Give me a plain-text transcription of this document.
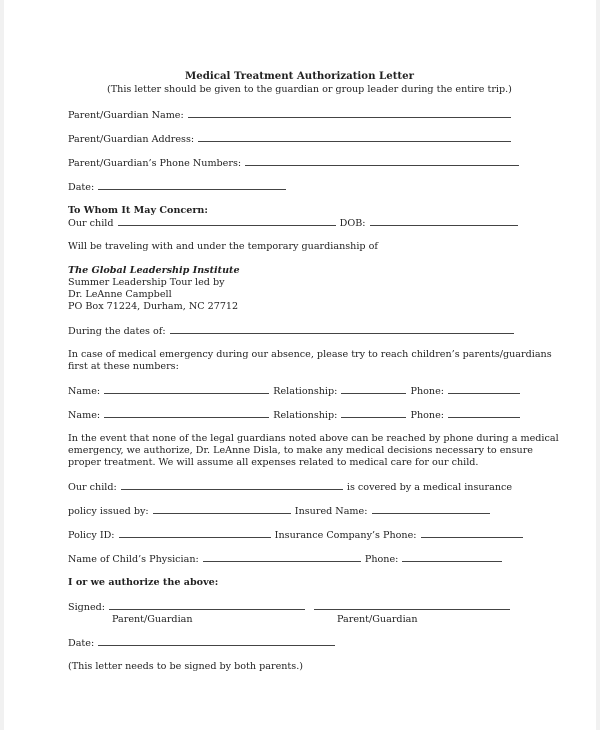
Medical Treatment Authorization Letter
(This letter should be given to the guardian or group leader during the entire trip.)
Parent/Guardian Name:
Parent/Guardian Address:
Parent/Guardian’s Phone Numbers:
Date:
To Whom It May Concern:
Our child	DOB:
Will be traveling with and under the temporary guardianship of
The Global Leadership Institute
Summer Leadership Tour led by
Dr. LeAnne Campbell
PO Box 71224, Durham, NC 27712
During the dates of:
In case of medical emergency during our absence, please try to reach children’s parents/guardians
first at these numbers:
Name:	Relationship:	Phone:
Name:	Relationship:	Phone:
In the event that none of the legal guardians noted above can be reached by phone during a medical
emergency, we authorize, Dr. LeAnne Disla, to make any medical decisions necessary to ensure
proper treatment. We will assume all expenses related to medical care for our child.
Our child:	is covered by a medical insurance
policy issued by:	Insured Name:
Policy ID:	Insurance Company’s Phone:
Name of Child’s Physician:	Phone:
I or we authorize the above:
Signed:
Parent/Guardian	Parent/Guardian
Date:
(This letter needs to be signed by both parents.)
